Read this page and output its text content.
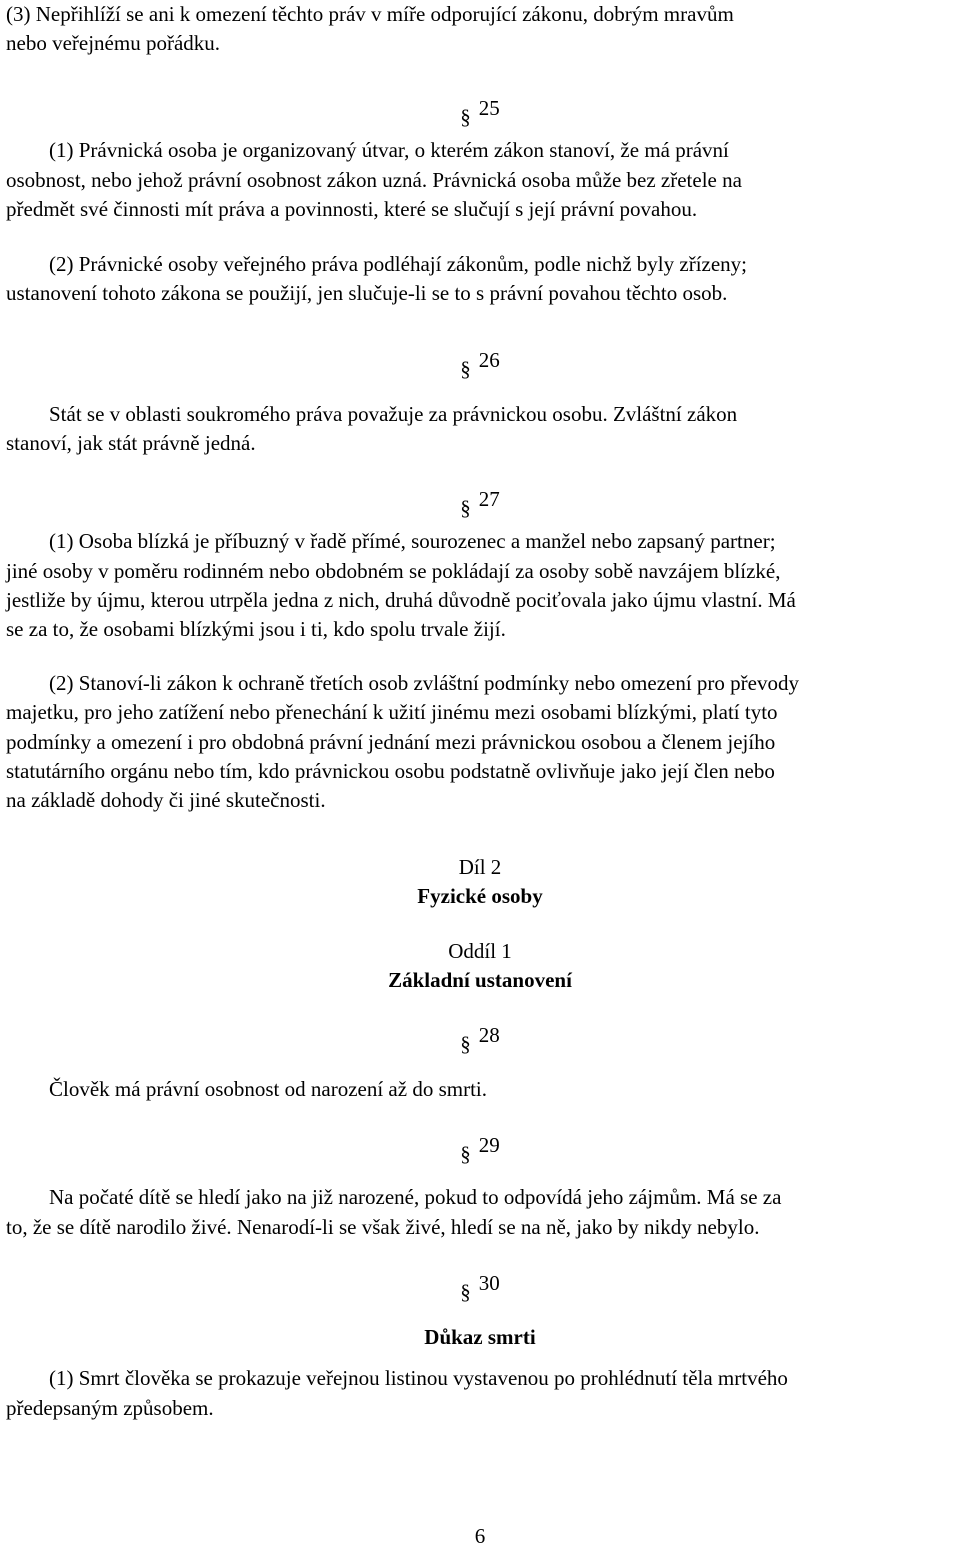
(3) Nepřihlíží se ani k omezení těchto práv v míře odporující zákonu, dobrým mravům
nebo veřejnému pořádku.
§ 25
(1) Právnická osoba je organizovaný útvar, o kterém zákon stanoví, že má právní
osobnost, nebo jehož právní osobnost zákon uzná. Právnická osoba může bez zřetele na
předmět své činnosti mít práva a povinnosti, které se slučují s její právní povahou.
(2) Právnické osoby veřejného práva podléhají zákonům, podle nichž byly zřízeny;
ustanovení tohoto zákona se použijí, jen slučuje-li se to s právní povahou těchto osob.
§ 26
Stát se v oblasti soukromého práva považuje za právnickou osobu. Zvláštní zákon
stanoví, jak stát právně jedná.
§ 27
(1) Osoba blízká je příbuzný v řadě přímé, sourozenec a manžel nebo zapsaný partner;
jiné osoby v poměru rodinném nebo obdobném se pokládají za osoby sobě navzájem blízké,
jestliže by újmu, kterou utrpěla jedna z nich, druhá důvodně pociťovala jako újmu vlastní. Má
se za to, že osobami blízkými jsou i ti, kdo spolu trvale žijí.
(2) Stanoví-li zákon k ochraně třetích osob zvláštní podmínky nebo omezení pro převody
majetku, pro jeho zatížení nebo přenechání k užití jinému mezi osobami blízkými, platí tyto
podmínky a omezení i pro obdobná právní jednání mezi právnickou osobou a členem jejího
statutárního orgánu nebo tím, kdo právnickou osobu podstatně ovlivňuje jako její člen nebo
na základě dohody či jiné skutečnosti.
Díl 2
Fyzické osoby
Oddíl 1
Základní ustanovení
§ 28
Člověk má právní osobnost od narození až do smrti.
§ 29
Na počaté dítě se hledí jako na již narozené, pokud to odpovídá jeho zájmům. Má se za
to, že se dítě narodilo živé. Nenarodí-li se však živé, hledí se na ně, jako by nikdy nebylo.
§ 30
Důkaz smrti
(1) Smrt člověka se prokazuje veřejnou listinou vystavenou po prohlédnutí těla mrtvého
předepsaným způsobem.
6
